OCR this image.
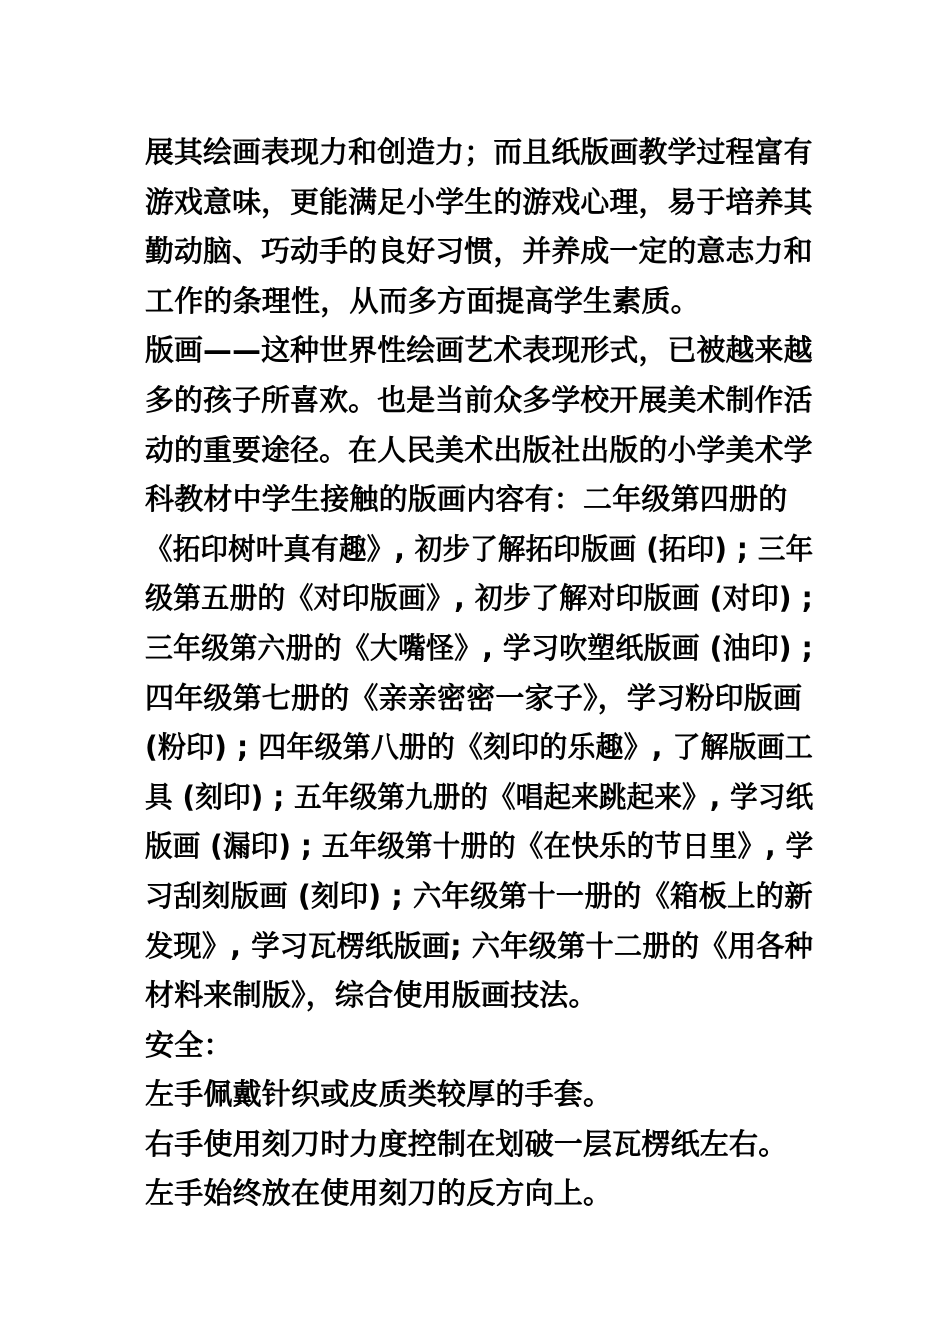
展其绘画表现力和创造力；而且纸版画教学过程富有
游戏意味，更能满足小学生的游戏心理，易于培养其
勤动脑、巧动手的良好习惯，并养成一定的意志力和
工作的条理性，从而多方面提高学生素质。
版画——这种世界性绘画艺术表现形式，已被越来越
多的孩子所喜欢。也是当前众多学校开展美术制作活
动的重要途径。在人民美术出版社出版的小学美术学
科教材中学生接触的版画内容有：二年级第四册的
《拓印树叶真有趣》, 初步了解拓印版画 (拓印) ; 三年
级第五册的《对印版画》, 初步了解对印版画 (对印) ;
三年级第六册的《大嘴怪》, 学习吹塑纸版画 (油印) ;
四年级第七册的《亲亲密密一家子》，学习粉印版画
(粉印) ; 四年级第八册的《刻印的乐趣》, 了解版画工
具 (刻印) ; 五年级第九册的《唱起来跳起来》, 学习纸
版画 (漏印) ; 五年级第十册的《在快乐的节日里》, 学
习刮刻版画 (刻印) ; 六年级第十一册的《箱板上的新
发现》, 学习瓦楞纸版画; 六年级第十二册的《用各种
材料来制版》，综合使用版画技法。
安全：
左手佩戴针织或皮质类较厚的手套。
右手使用刻刀时力度控制在划破一层瓦楞纸左右。
左手始终放在使用刻刀的反方向上。
